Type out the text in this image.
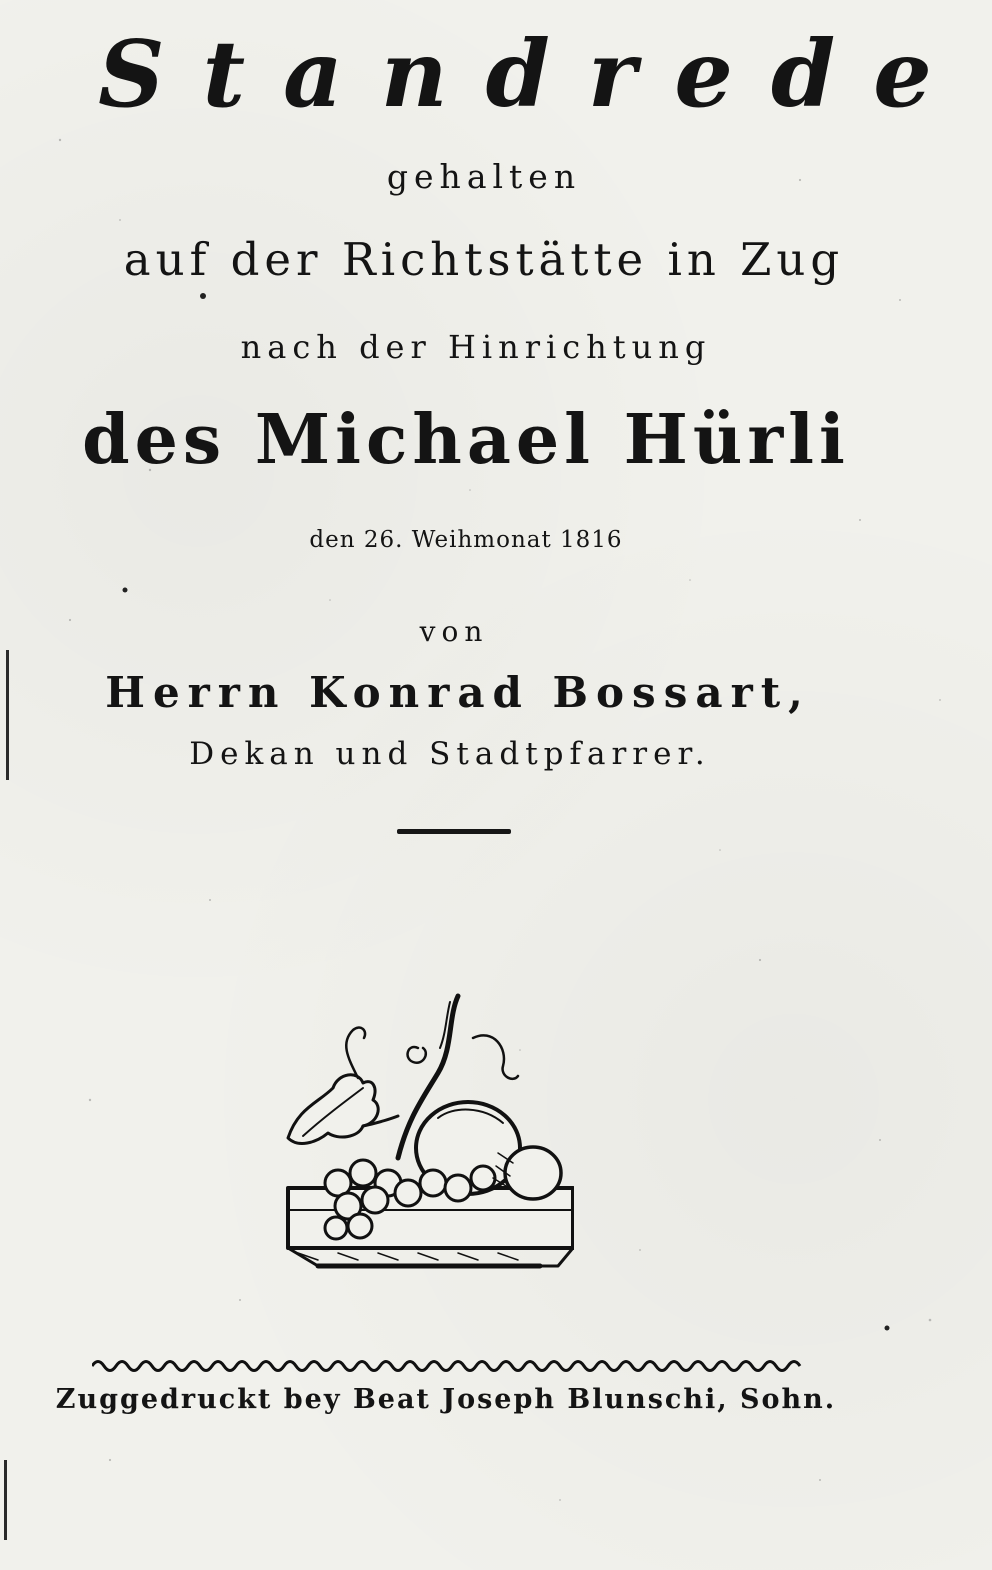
Standrede
gehalten
auf der Richtstätte in Zug
nach der Hinrichtung
des Michael Hürli
den 26. Weihmonat 1816
von
Herrn Konrad Bossart,
Dekan und Stadtpfarrer.
Zuggedruckt bey Beat Joseph Blunschi, Sohn.
